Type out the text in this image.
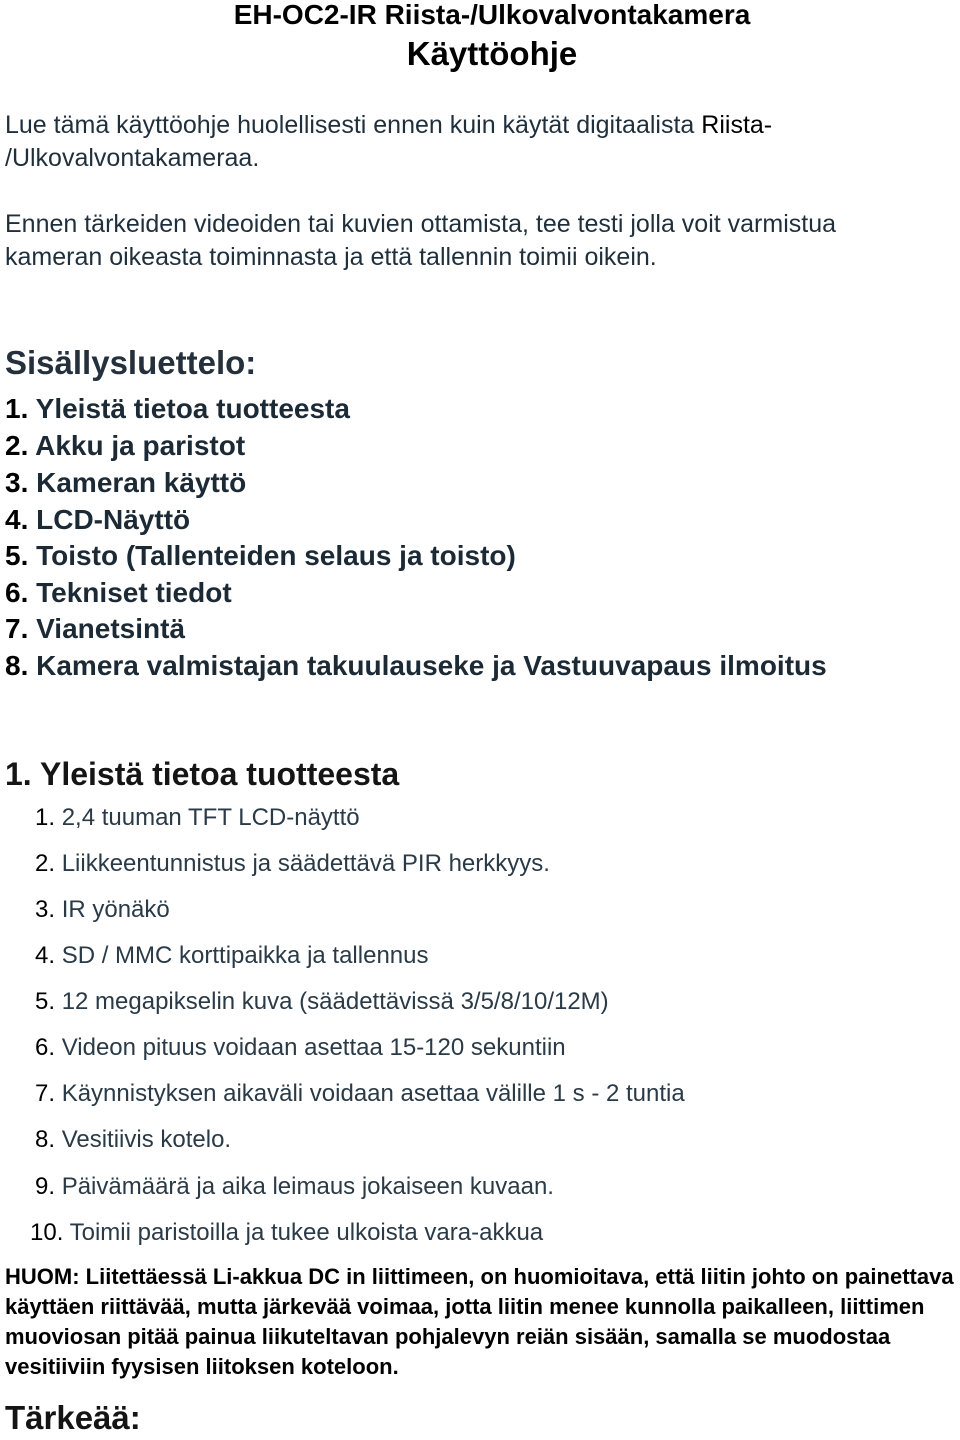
EH-OC2-IR Riista-/Ulkovalvontakamera
Käyttöohje
Lue tämä käyttöohje huolellisesti ennen kuin käytät digitaalista Riista-
/Ulkovalvontakameraa.
Ennen tärkeiden videoiden tai kuvien ottamista, tee testi jolla voit varmistua
kameran oikeasta toiminnasta ja että tallennin toimii oikein.
Sisällysluettelo:
1. Yleistä tietoa tuotteesta
2. Akku ja paristot
3. Kameran käyttö
4. LCD-Näyttö
5. Toisto (Tallenteiden selaus ja toisto)
6. Tekniset tiedot
7. Vianetsintä
8. Kamera valmistajan takuulauseke ja Vastuuvapaus ilmoitus
1. Yleistä tietoa tuotteesta
1. 2,4 tuuman TFT LCD-näyttö
2. Liikkeentunnistus ja säädettävä PIR herkkyys.
3. IR yönäkö
4. SD / MMC korttipaikka ja tallennus
5. 12 megapikselin kuva (säädettävissä 3/5/8/10/12M)
6. Videon pituus voidaan asettaa 15-120 sekuntiin
7. Käynnistyksen aikaväli voidaan asettaa välille 1 s - 2 tuntia
8. Vesitiivis kotelo.
9. Päivämäärä ja aika leimaus jokaiseen kuvaan.
10. Toimii paristoilla ja tukee ulkoista vara-akkua
HUOM: Liitettäessä Li-akkua DC in liittimeen, on huomioitava, että liitin johto on painettava käyttäen riittävää, mutta järkevää voimaa, jotta liitin menee kunnolla paikalleen, liittimen muoviosan pitää painua liikuteltavan pohjalevyn reiän sisään, samalla se muodostaa vesitiiviin fyysisen liitoksen koteloon.
Tärkeää:
